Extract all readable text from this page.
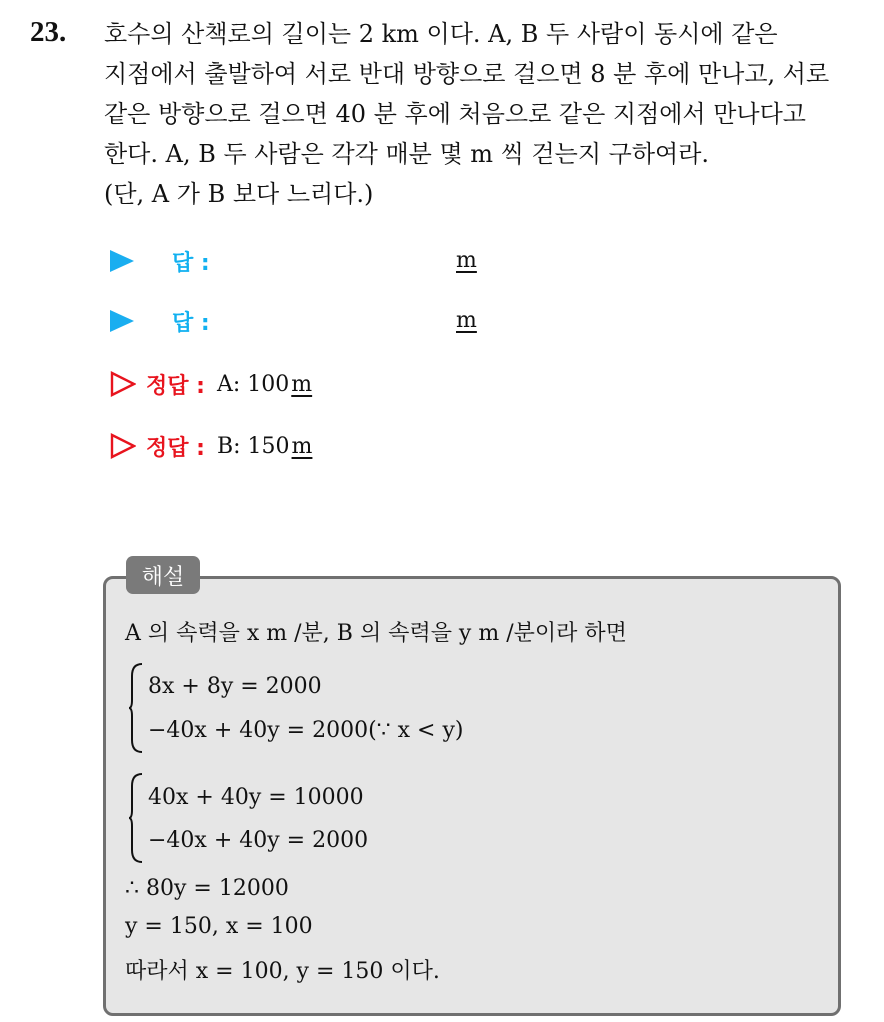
23. 호수의 산책로의 길이는 2 km 이다. A, B 두 사람이 동시에 같은
지점에서 출발하여 서로 반대 방향으로 걸으면 8 분 후에 만나고, 서로
같은 방향으로 걸으면 40 분 후에 처음으로 같은 지점에서 만나다고
한다. A, B 두 사람은 각각 매분 몇 m 씩 걷는지 구하여라.
(단, A 가 B 보다 느리다.)
답 :	m
답 :	m
정답 : A: 100m
정답 : B: 150m
해설
A 의 속력을 x m /분, B 의 속력을 y m /분이라 하면
8x + 8y = 2000
−40x + 40y = 2000(∵ x < y)
40x + 40y = 10000
−40x + 40y = 2000
∴ 80y = 12000
y = 150, x = 100
따라서 x = 100, y = 150 이다.
